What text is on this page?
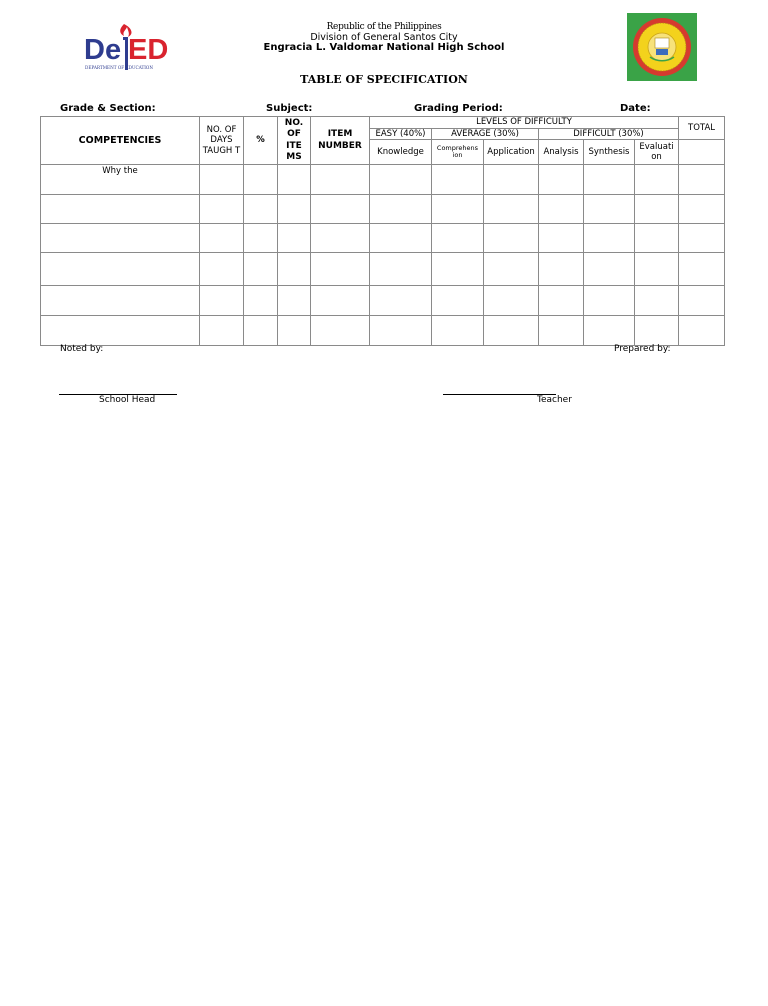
D e ED
DEPARTMENT OF EDUCATION
Republic of the Philippines
Division of General Santos City
Engracia L. Valdomar National High School
TABLE OF SPECIFICATION
Grade & Section:	Subject:	Grading Period:	Date:
COMPETENCIES	NO. OF DAYS TAUGH T	%	NO. OF ITE MS	ITEM NUMBER	LEVELS OF DIFFICULTY						TOTAL
					EASY (40%)	AVERAGE (30%)		DIFFICULT (30%)			
					Knowledge	Comprehens ion	Application	Analysis	Synthesis	Evaluati on	
Why the											

Noted by:	Prepared by:
School Head	Teacher
